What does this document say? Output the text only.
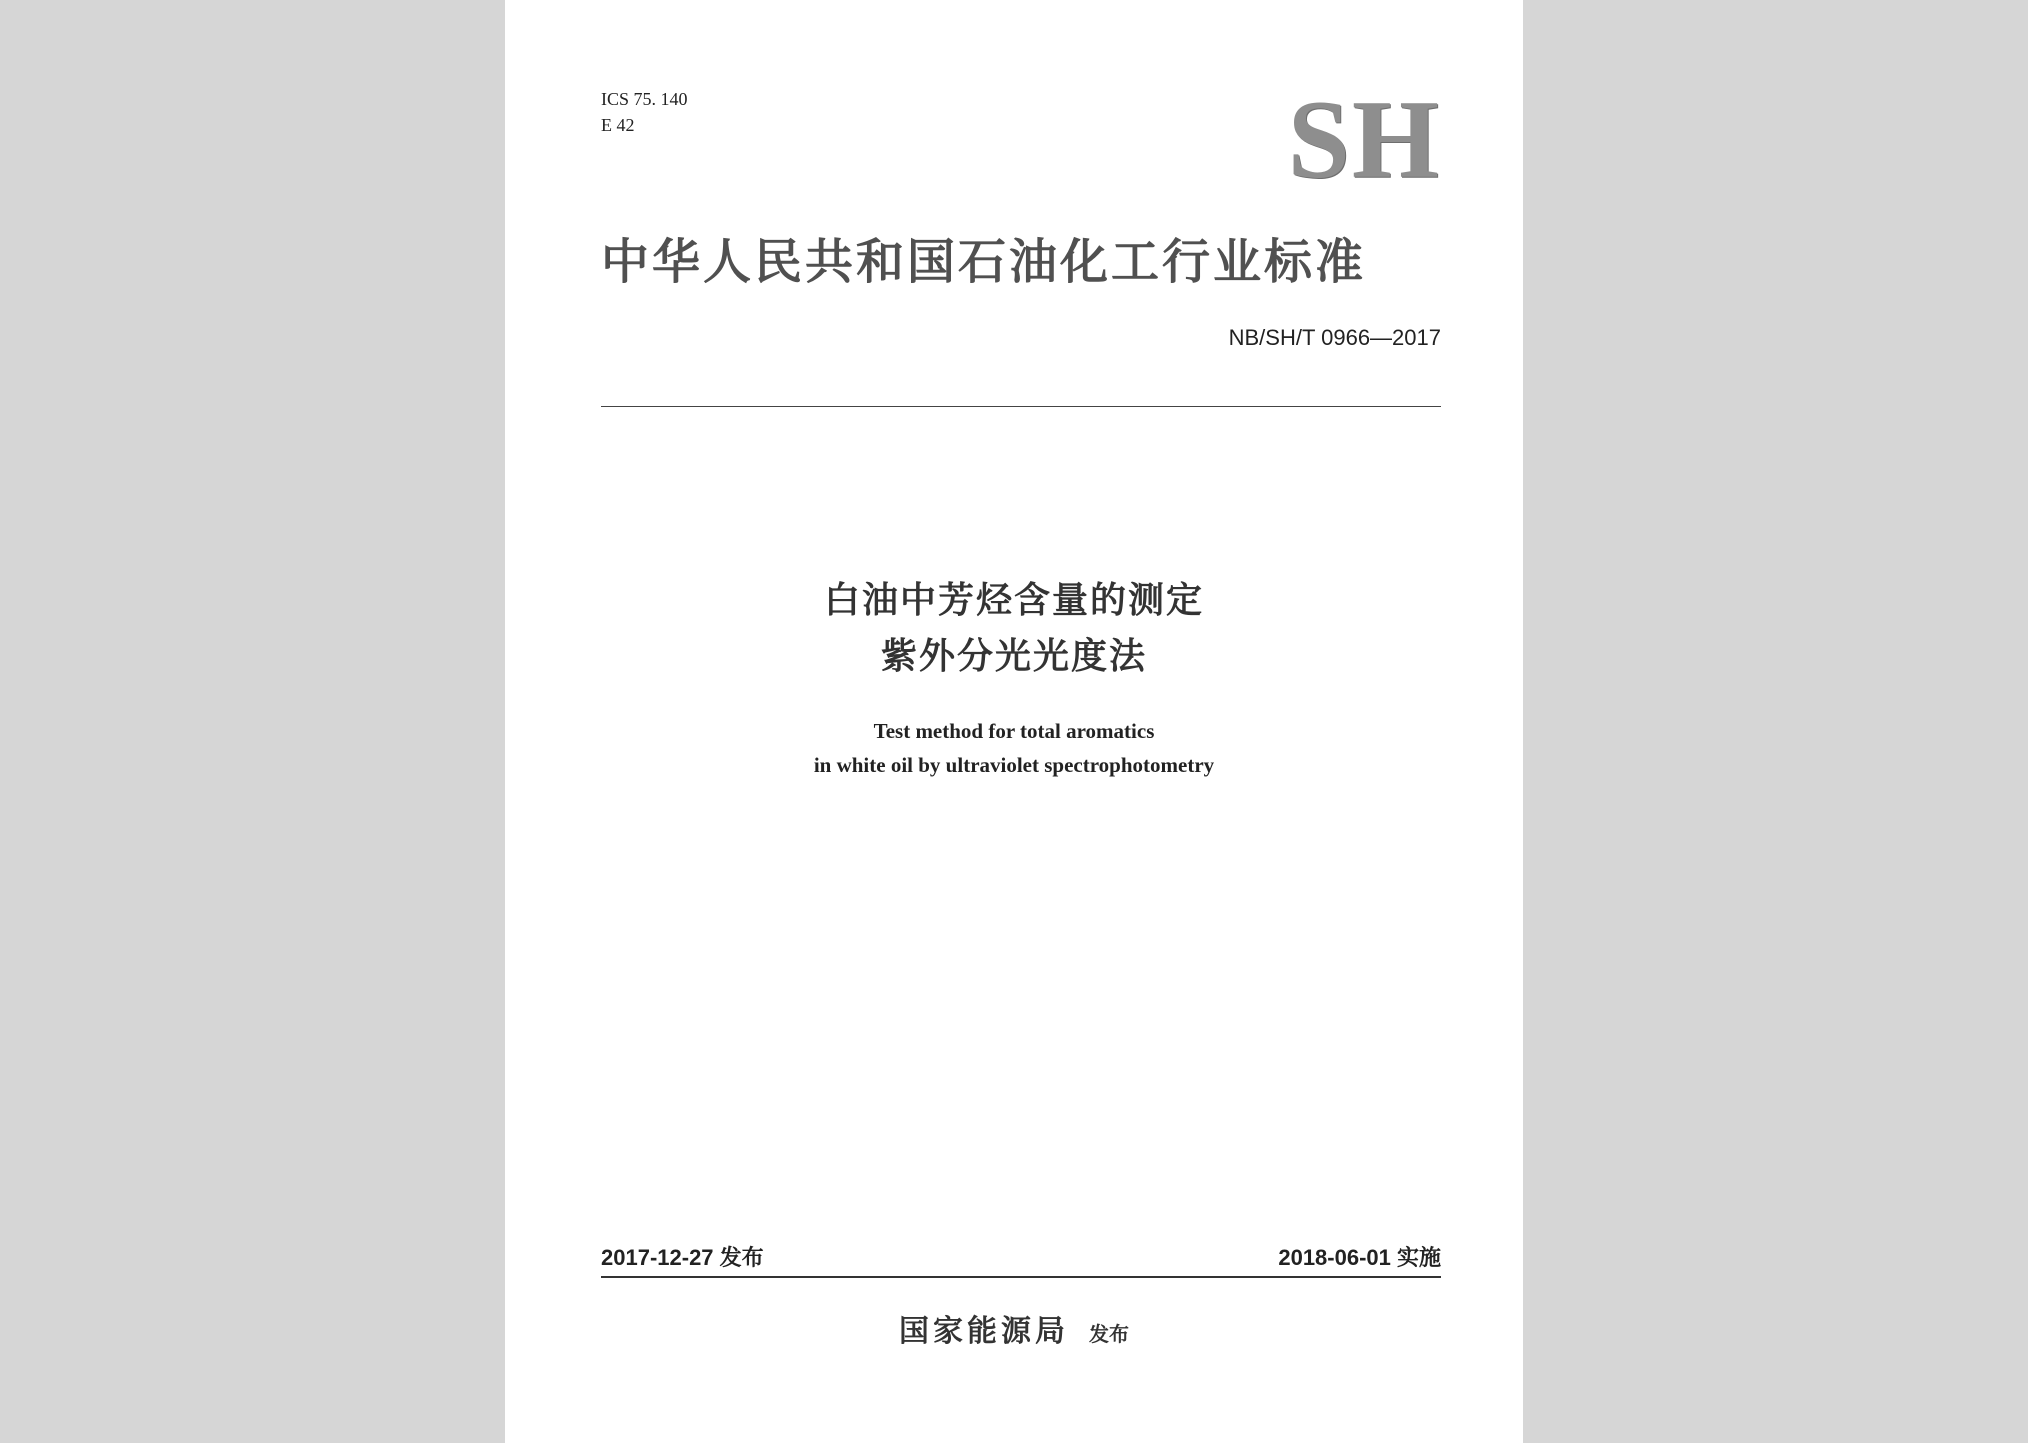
ICS 75. 140
E 42	SH
中华人民共和国石油化工行业标准
NB/SH/T 0966—2017
白油中芳烃含量的测定
紫外分光光度法
Test method for total aromatics
in white oil by ultraviolet spectrophotometry
2017-12-27 发布	2018-06-01 实施
国家能源局 发布
